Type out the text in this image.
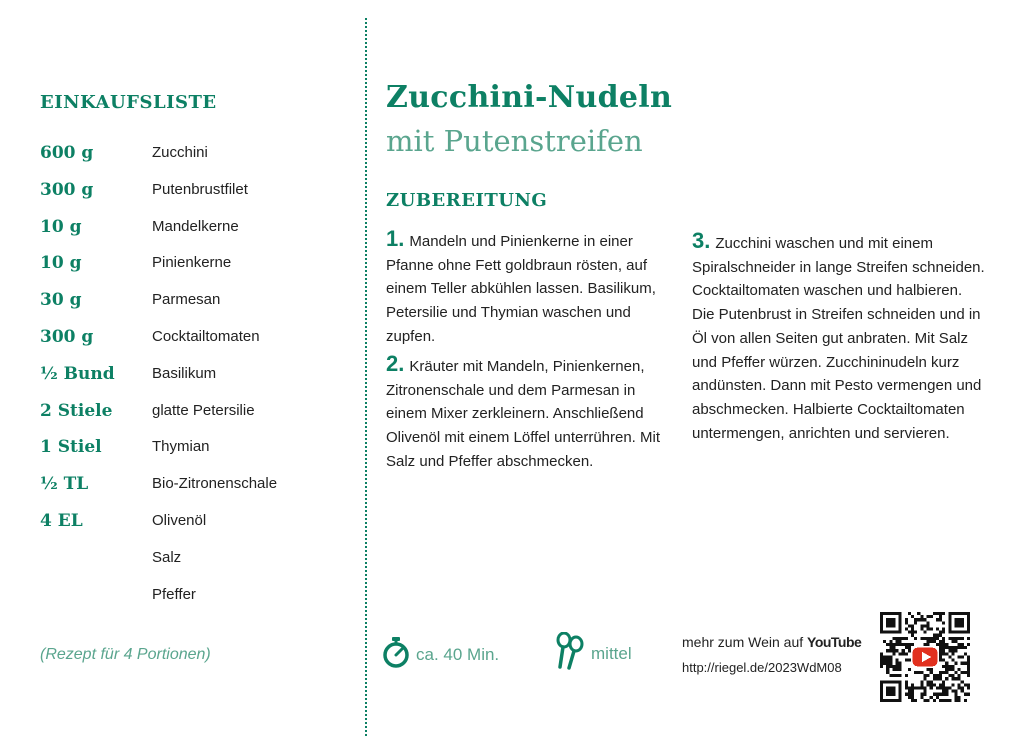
EINKAUFSLISTE
600 g	Zucchini
300 g	Putenbrustfilet
10 g	Mandelkerne
10 g	Pinienkerne
30 g	Parmesan
300 g	Cocktailtomaten
½ Bund Basilikum
2 Stiele	glatte Petersilie
1 Stiel	Thymian
½ TL	Bio-Zitronenschale
4 EL	Olivenöl
Salz
Pfeffer
(Rezept für 4 Portionen)
Zucchini-Nudeln
mit Putenstreifen
ZUBEREITUNG
1. Mandeln und Pinienkerne in einer Pfanne ohne Fett goldbraun rösten, auf einem Teller abkühlen lassen. Basilikum, Petersilie und Thymian waschen und zupfen.
2. Kräuter mit Mandeln, Pinienkernen, Zitronenschale und dem Parmesan in einem Mixer zerkleinern. Anschließend Olivenöl mit einem Löffel unterrühren. Mit Salz und Pfeffer abschmecken.
3. Zucchini waschen und mit einem Spiralschneider in lange Streifen schneiden. Cocktailtomaten waschen und halbieren. Die Putenbrust in Streifen schneiden und in Öl von allen Seiten gut anbraten. Mit Salz und Pfeffer würzen. Zucchininudeln kurz andünsten. Dann mit Pesto vermengen und abschmecken. Halbierte Cocktailtomaten untermengen, anrichten und servieren.
ca. 40 Min.	mittel
mehr zum Wein auf YouTube
http://riegel.de/2023WdM08
